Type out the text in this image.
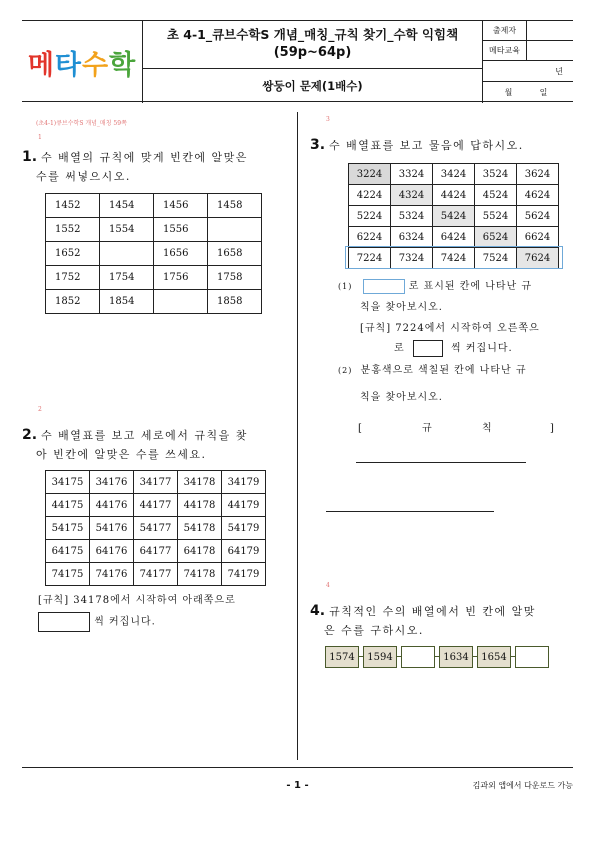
메타수학
초 4-1_큐브수학S 개념_매칭_규칙 찾기_수학 익힘책
(59p~64p)
쌍둥이 문제(1배수)
출제자
메타교육
년
월	일
(초4-1)큐브수학S 개념_매칭 59쪽
1
1. 수 배열의 규칙에 맞게 빈칸에 알맞은
수를 써넣으시오.
1452	1454	1456	1458
1552	1554	1556	
1652		1656	1658
1752	1754	1756	1758
1852	1854		1858
2
2. 수 배열표를 보고 세로에서 규칙을 찾
아 빈칸에 알맞은 수를 쓰세요.
34175	34176	34177	34178	34179
44175	44176	44177	44178	44179
54175	54176	54177	54178	54179
64175	64176	64177	64178	64179
74175	74176	74177	74178	74179
[규칙] 34178에서 시작하여 아래쪽으로
씩 커집니다.
3
3. 수 배열표를 보고 물음에 답하시오.
3224	3324	3424	3524	3624
4224	4324	4424	4524	4624
5224	5324	5424	5524	5624
6224	6324	6424	6524	6624
7224	7324	7424	7524	7624
(1)	로 표시된 칸에 나타난 규
칙을 찾아보시오.
[규칙] 7224에서 시작하여 오른쪽으
로	씩 커집니다.
(2) 분홍색으로 색칠된 칸에 나타난 규
칙을 찾아보시오.
[	규	칙	]
4
4. 규칙적인 수의 배열에서 빈 칸에 알맞
은 수를 구하시오.
1574	1594	1634	1654
- 1 -	김과외 앱에서 다운로드 가능
